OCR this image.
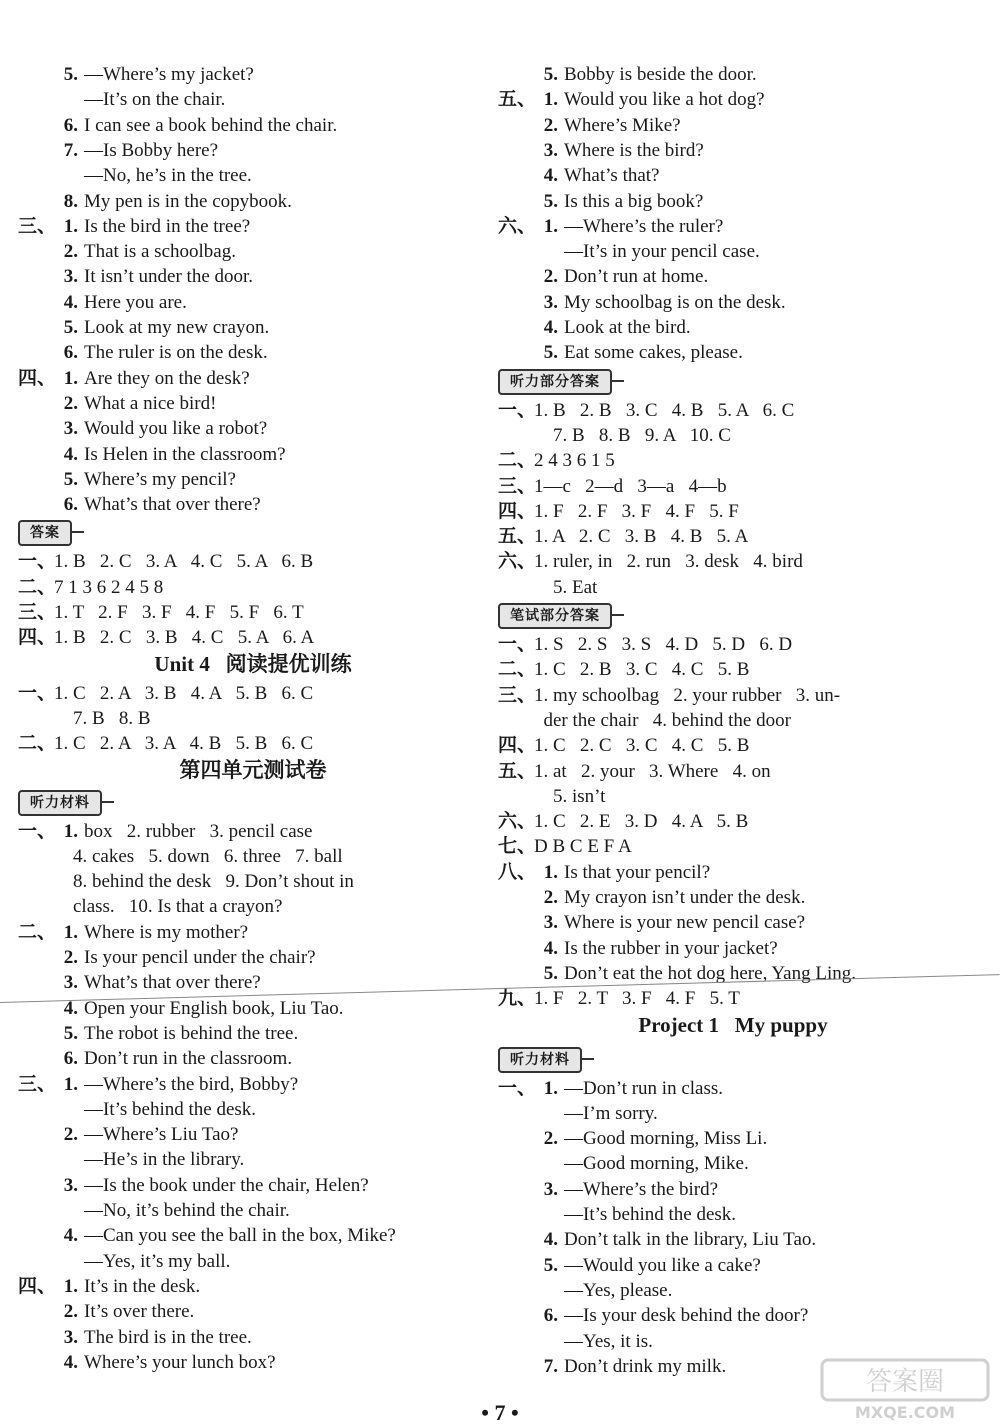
5. —Where’s my jacket?
—It’s on the chair.
6. I can see a book behind the chair.
7. —Is Bobby here?
—No, he’s in the tree.
8. My pen is in the copybook.
三、 1. Is the bird in the tree?
2. That is a schoolbag.
3. It isn’t under the door.
4. Here you are.
5. Look at my new crayon.
6. The ruler is on the desk.
四、 1. Are they on the desk?
2. What a nice bird!
3. Would you like a robot?
4. Is Helen in the classroom?
5. Where’s my pencil?
6. What’s that over there?
答案
一、1. B   2. C   3. A   4. C   5. A   6. B
二、7 1 3 6 2 4 5 8
三、1. T   2. F   3. F   4. F   5. F   6. T
四、1. B   2. C   3. B   4. C   5. A   6. A
Unit 4   阅读提优训练
一、1. C   2. A   3. B   4. A   5. B   6. C
7. B   8. B
二、1. C   2. A   3. A   4. B   5. B   6. C
第四单元测试卷
听力材料
一、 1. box   2. rubber   3. pencil case
4. cakes   5. down   6. three   7. ball
8. behind the desk   9. Don’t shout in
class.   10. Is that a crayon?
二、 1. Where is my mother?
2. Is your pencil under the chair?
3. What’s that over there?
4. Open your English book, Liu Tao.
5. The robot is behind the tree.
6. Don’t run in the classroom.
三、 1. —Where’s the bird, Bobby?
—It’s behind the desk.
2. —Where’s Liu Tao?
—He’s in the library.
3. —Is the book under the chair, Helen?
—No, it’s behind the chair.
4. —Can you see the ball in the box, Mike?
—Yes, it’s my ball.
四、 1. It’s in the desk.
2. It’s over there.
3. The bird is in the tree.
4. Where’s your lunch box?
5. Bobby is beside the door.
五、 1. Would you like a hot dog?
2. Where’s Mike?
3. Where is the bird?
4. What’s that?
5. Is this a big book?
六、 1. —Where’s the ruler?
—It’s in your pencil case.
2. Don’t run at home.
3. My schoolbag is on the desk.
4. Look at the bird.
5. Eat some cakes, please.
听力部分答案
一、1. B   2. B   3. C   4. B   5. A   6. C
7. B   8. B   9. A   10. C
二、2 4 3 6 1 5
三、1—c   2—d   3—a   4—b
四、1. F   2. F   3. F   4. F   5. F
五、1. A   2. C   3. B   4. B   5. A
六、1. ruler, in   2. run   3. desk   4. bird
5. Eat
笔试部分答案
一、1. S   2. S   3. S   4. D   5. D   6. D
二、1. C   2. B   3. C   4. C   5. B
三、1. my schoolbag   2. your rubber   3. un-
der the chair   4. behind the door
四、1. C   2. C   3. C   4. C   5. B
五、1. at   2. your   3. Where   4. on
5. isn’t
六、1. C   2. E   3. D   4. A   5. B
七、D B C E F A
八、 1. Is that your pencil?
2. My crayon isn’t under the desk.
3. Where is your new pencil case?
4. Is the rubber in your jacket?
5. Don’t eat the hot dog here, Yang Ling.
九、1. F   2. T   3. F   4. F   5. T
Project 1   My puppy
听力材料
一、 1. —Don’t run in class.
—I’m sorry.
2. —Good morning, Miss Li.
—Good morning, Mike.
3. —Where’s the bird?
—It’s behind the desk.
4. Don’t talk in the library, Liu Tao.
5. —Would you like a cake?
—Yes, please.
6. —Is your desk behind the door?
—Yes, it is.
7. Don’t drink my milk.
• 7 •
答案圈
MXQE.COM
